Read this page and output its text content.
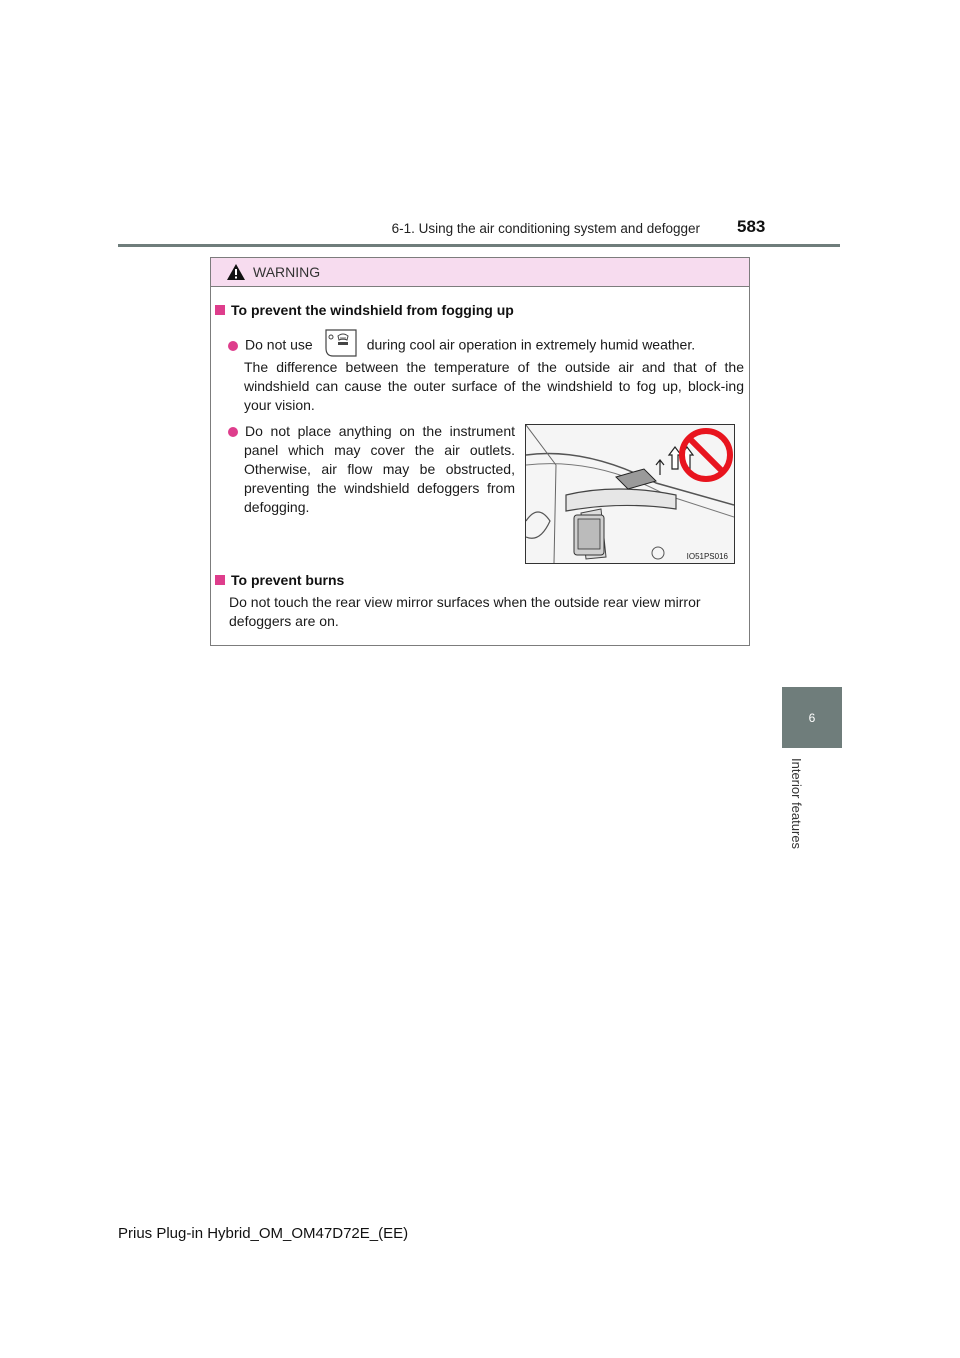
6-1. Using the air conditioning system and defogger 583
6
Interior features
WARNING
To prevent the windshield from fogging up
Do not use	during cool air operation in extremely humid weather.
The difference between the temperature of the outside air and that of the windshield can cause the outer surface of the windshield to fog up, block-ing your vision.
Do not place anything on the instrument panel which may cover the air outlets. Otherwise, air flow may be obstructed, preventing the windshield defoggers from defogging.
IO51PS016
To prevent burns
Do not touch the rear view mirror surfaces when the outside rear view mirror defoggers are on.
Prius Plug-in Hybrid_OM_OM47D72E_(EE)
